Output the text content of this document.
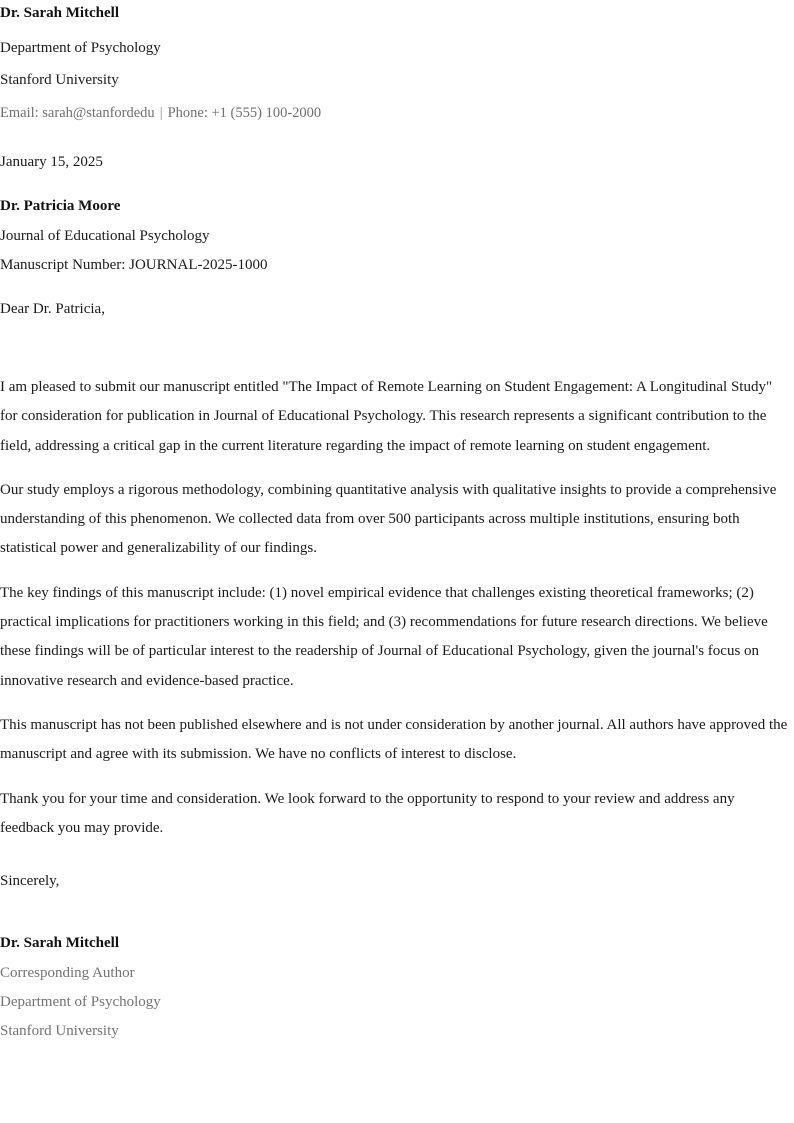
Dr. Sarah Mitchell
Department of Psychology
Stanford University
Email: sarah@stanfordedu | Phone: +1 (555) 100-2000
January 15, 2025
Dr. Patricia Moore
Journal of Educational Psychology
Manuscript Number: JOURNAL-2025-1000
Dear Dr. Patricia,

I am pleased to submit our manuscript entitled "The Impact of Remote Learning on Student Engagement: A Longitudinal Study" for consideration for publication in Journal of Educational Psychology. This research represents a significant contribution to the field, addressing a critical gap in the current literature regarding the impact of remote learning on student engagement.

Our study employs a rigorous methodology, combining quantitative analysis with qualitative insights to provide a comprehensive understanding of this phenomenon. We collected data from over 500 participants across multiple institutions, ensuring both statistical power and generalizability of our findings.

The key findings of this manuscript include: (1) novel empirical evidence that challenges existing theoretical frameworks; (2) practical implications for practitioners working in this field; and (3) recommendations for future research directions. We believe these findings will be of particular interest to the readership of Journal of Educational Psychology, given the journal's focus on innovative research and evidence-based practice.

This manuscript has not been published elsewhere and is not under consideration by another journal. All authors have approved the manuscript and agree with its submission. We have no conflicts of interest to disclose.

Thank you for your time and consideration. We look forward to the opportunity to respond to your review and address any feedback you may provide.

Sincerely,
Dr. Sarah Mitchell
Corresponding Author
Department of Psychology
Stanford University
